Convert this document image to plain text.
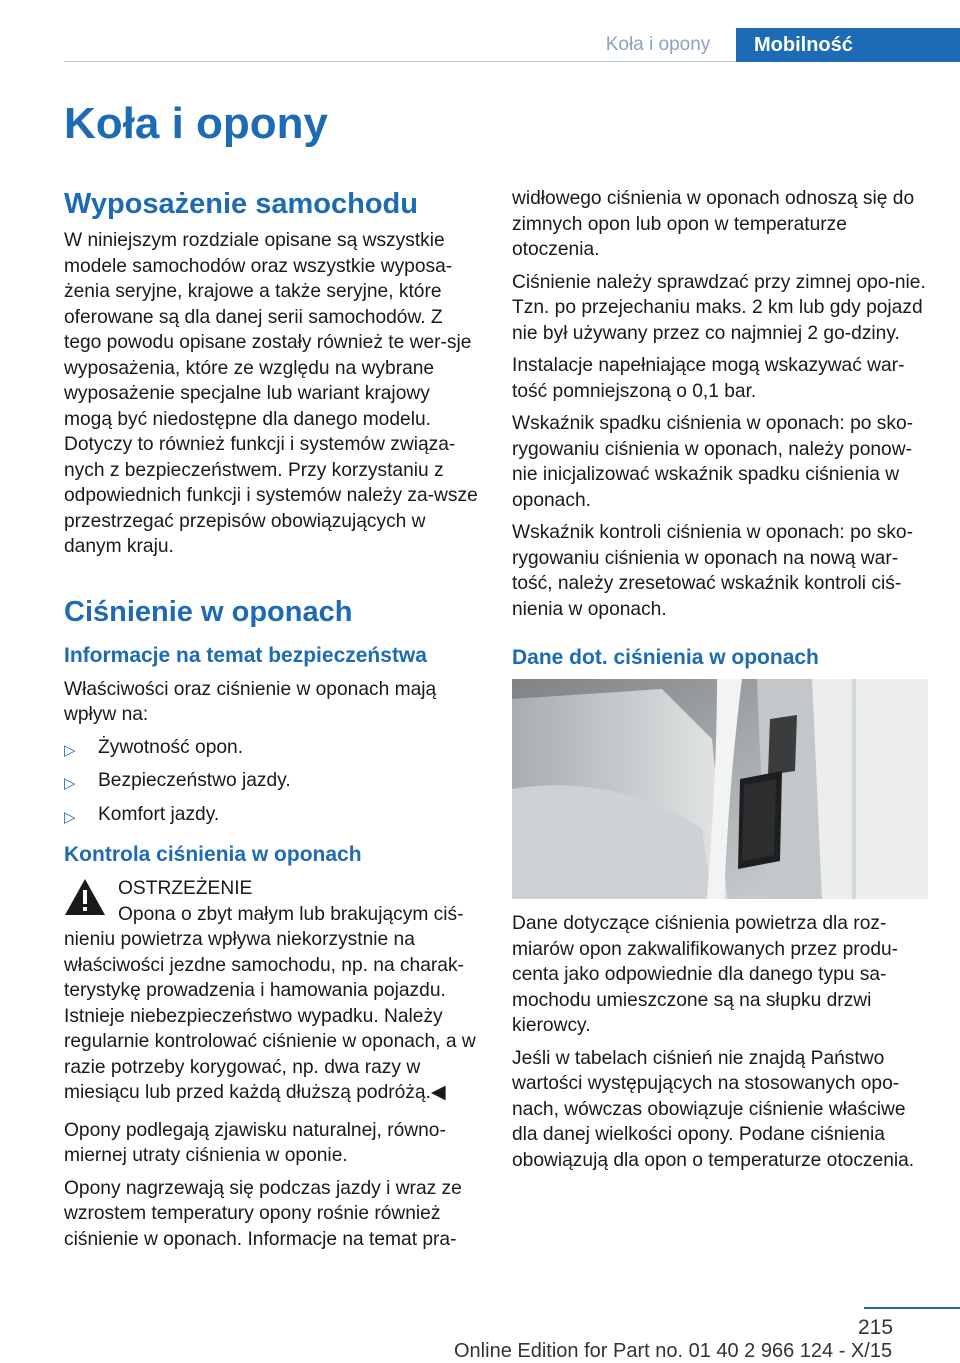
Koła i opony	Mobilność
Koła i opony
Wyposażenie samochodu

W niniejszym rozdziale opisane są wszystkie modele samochodów oraz wszystkie wyposa‐żenia seryjne, krajowe a także seryjne, które oferowane są dla danej serii samochodów. Z tego powodu opisane zostały również te wer‐sje wyposażenia, które ze względu na wybrane wyposażenie specjalne lub wariant krajowy mogą być niedostępne dla danego modelu. Dotyczy to również funkcji i systemów związa‐nych z bezpieczeństwem. Przy korzystaniu z odpowiednich funkcji i systemów należy za‐wsze przestrzegać przepisów obowiązujących w danym kraju.

Ciśnienie w oponach
Informacje na temat bezpieczeństwa

Właściwości oraz ciśnienie w oponach mają wpływ na:

▷ Żywotność opon.
▷ Bezpieczeństwo jazdy.
▷ Komfort jazdy.
Kontrola ciśnienia w oponach
OSTRZEŻENIE
Opona o zbyt małym lub brakującym ciś‐nieniu powietrza wpływa niekorzystnie na właściwości jezdne samochodu, np. na charak‐terystykę prowadzenia i hamowania pojazdu. Istnieje niebezpieczeństwo wypadku. Należy regularnie kontrolować ciśnienie w oponach, a w razie potrzeby korygować, np. dwa razy w miesiącu lub przed każdą dłuższą podróżą.◀

Opony podlegają zjawisku naturalnej, równo‐miernej utraty ciśnienia w oponie.

Opony nagrzewają się podczas jazdy i wraz ze wzrostem temperatury opony rośnie również ciśnienie w oponach. Informacje na temat pra‐

widłowego ciśnienia w oponach odnoszą się do zimnych opon lub opon w temperaturze otoczenia.

Ciśnienie należy sprawdzać przy zimnej opo‐nie. Tzn. po przejechaniu maks. 2 km lub gdy pojazd nie był używany przez co najmniej 2 go‐dziny.

Instalacje napełniające mogą wskazywać war‐tość pomniejszoną o 0,1 bar.

Wskaźnik spadku ciśnienia w oponach: po sko‐rygowaniu ciśnienia w oponach, należy ponow‐nie inicjalizować wskaźnik spadku ciśnienia w oponach.

Wskaźnik kontroli ciśnienia w oponach: po sko‐rygowaniu ciśnienia w oponach na nową war‐tość, należy zresetować wskaźnik kontroli ciś‐nienia w oponach.

Dane dot. ciśnienia w oponach

Dane dotyczące ciśnienia powietrza dla roz‐miarów opon zakwalifikowanych przez produ‐centa jako odpowiednie dla danego typu sa‐mochodu umieszczone są na słupku drzwi kierowcy.

Jeśli w tabelach ciśnień nie znajdą Państwo wartości występujących na stosowanych opo‐nach, wówczas obowiązuje ciśnienie właściwe dla danej wielkości opony. Podane ciśnienia obowiązują dla opon o temperaturze otoczenia.

215
Online Edition for Part no. 01 40 2 966 124 - X/15
